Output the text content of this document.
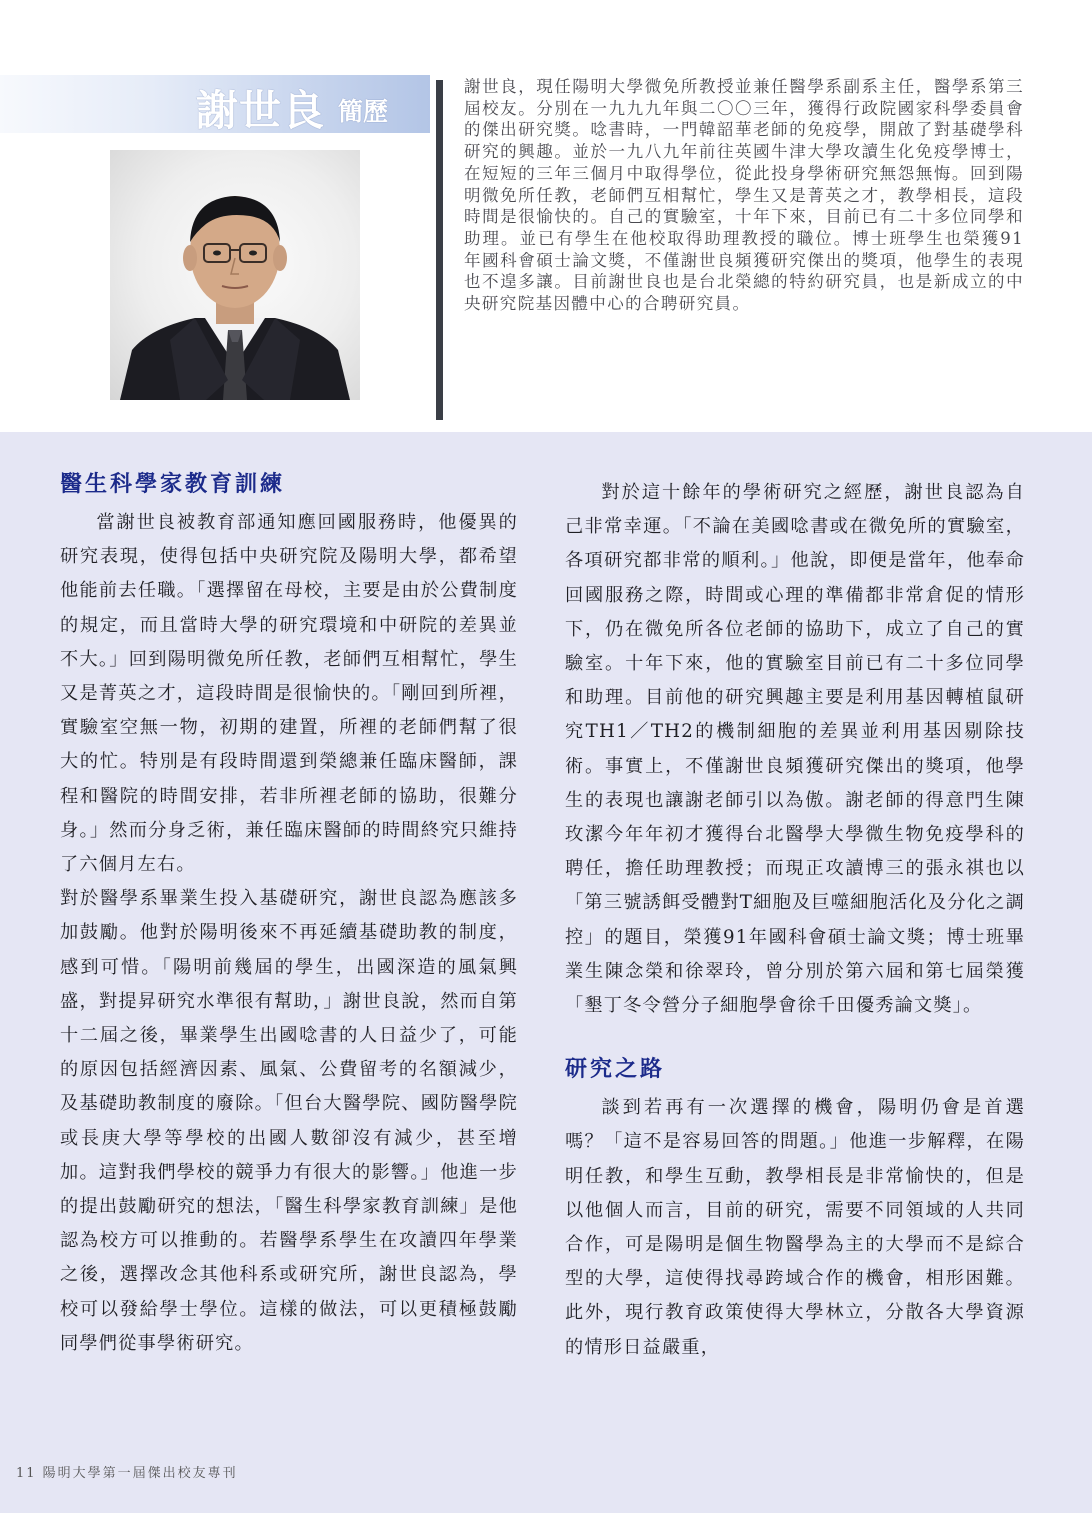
謝世良 簡歷

謝世良，現任陽明大學微免所教授並兼任醫學系副系主任，醫學系第三屆校友。分別在一九九九年與二〇〇三年，獲得行政院國家科學委員會的傑出研究獎。唸書時，一門韓韶華老師的免疫學，開啟了對基礎學科研究的興趣。並於一九八九年前往英國牛津大學攻讀生化免疫學博士，在短短的三年三個月中取得學位，從此投身學術研究無怨無悔。回到陽明微免所任教，老師們互相幫忙，學生又是菁英之才，教學相長，這段時間是很愉快的。自己的實驗室，十年下來，目前已有二十多位同學和助理。並已有學生在他校取得助理教授的職位。博士班學生也榮獲91年國科會碩士論文獎，不僅謝世良頻獲研究傑出的獎項，他學生的表現也不遑多讓。目前謝世良也是台北榮總的特約研究員，也是新成立的中央研究院基因體中心的合聘研究員。

醫生科學家教育訓練

當謝世良被教育部通知應回國服務時，他優異的研究表現，使得包括中央研究院及陽明大學，都希望他能前去任職。「選擇留在母校，主要是由於公費制度的規定，而且當時大學的研究環境和中研院的差異並不大。」回到陽明微免所任教，老師們互相幫忙，學生又是菁英之才，這段時間是很愉快的。「剛回到所裡，實驗室空無一物，初期的建置，所裡的老師們幫了很大的忙。特別是有段時間還到榮總兼任臨床醫師，課程和醫院的時間安排，若非所裡老師的協助，很難分身。」然而分身乏術，兼任臨床醫師的時間終究只維持了六個月左右。

對於醫學系畢業生投入基礎研究，謝世良認為應該多加鼓勵。他對於陽明後來不再延續基礎助教的制度，感到可惜。「陽明前幾屆的學生，出國深造的風氣興盛，對提昇研究水準很有幫助，」謝世良說，然而自第十二屆之後，畢業學生出國唸書的人日益少了，可能的原因包括經濟因素、風氣、公費留考的名額減少，及基礎助教制度的廢除。「但台大醫學院、國防醫學院或長庚大學等學校的出國人數卻沒有減少，甚至增加。這對我們學校的競爭力有很大的影響。」他進一步的提出鼓勵研究的想法，「醫生科學家教育訓練」是他認為校方可以推動的。若醫學系學生在攻讀四年學業之後，選擇改念其他科系或研究所，謝世良認為，學校可以發給學士學位。這樣的做法，可以更積極鼓勵同學們從事學術研究。

對於這十餘年的學術研究之經歷，謝世良認為自己非常幸運。「不論在美國唸書或在微免所的實驗室，各項研究都非常的順利。」他說，即便是當年，他奉命回國服務之際，時間或心理的準備都非常倉促的情形下，仍在微免所各位老師的協助下，成立了自己的實驗室。十年下來，他的實驗室目前已有二十多位同學和助理。目前他的研究興趣主要是利用基因轉植鼠研究TH1／TH2的機制細胞的差異並利用基因剔除技術。事實上，不僅謝世良頻獲研究傑出的獎項，他學生的表現也讓謝老師引以為傲。謝老師的得意門生陳玫潔今年年初才獲得台北醫學大學微生物免疫學科的聘任，擔任助理教授；而現正攻讀博三的張永祺也以「第三號誘餌受體對T細胞及巨噬細胞活化及分化之調控」的題目，榮獲91年國科會碩士論文獎；博士班畢業生陳念榮和徐翠玲，曾分別於第六屆和第七屆榮獲「墾丁冬令營分子細胞學會徐千田優秀論文獎」。

研究之路

談到若再有一次選擇的機會，陽明仍會是首選嗎？「這不是容易回答的問題。」他進一步解釋，在陽明任教，和學生互動，教學相長是非常愉快的，但是以他個人而言，目前的研究，需要不同領域的人共同合作，可是陽明是個生物醫學為主的大學而不是綜合型的大學，這使得找尋跨域合作的機會，相形困難。此外，現行教育政策使得大學林立，分散各大學資源的情形日益嚴重，

11 陽明大學第一屆傑出校友專刊
